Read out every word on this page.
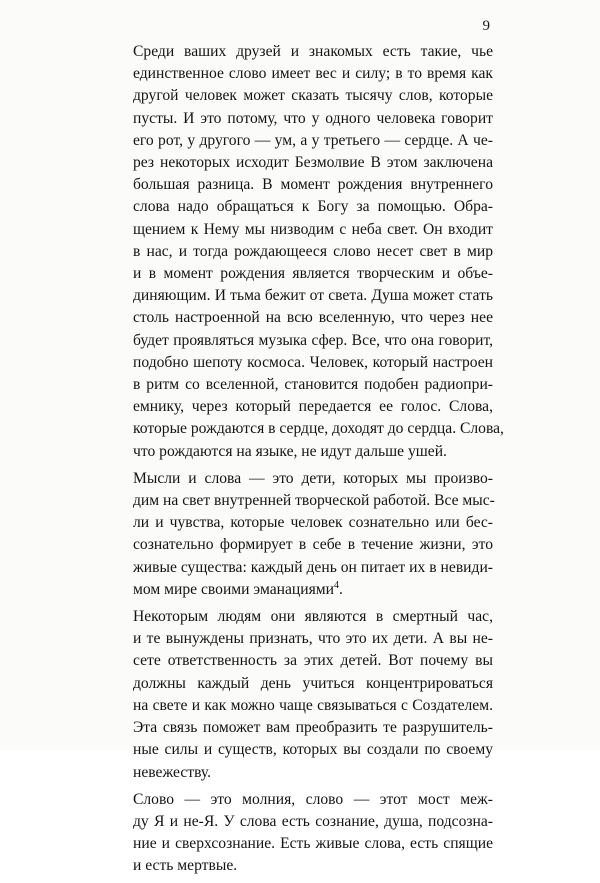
9

Среди ваших друзей и знакомых есть такие, чье
единственное слово имеет вес и силу; в то время как
другой человек может сказать тысячу слов, которые
пусты. И это потому, что у одного человека говорит
его рот, у другого — ум, а у третьего — сердце. А че-
рез некоторых исходит Безмолвие В этом заключена
большая разница. В момент рождения внутреннего
слова надо обращаться к Богу за помощью. Обра-
щением к Нему мы низводим с неба свет. Он входит
в нас, и тогда рождающееся слово несет свет в мир
и в момент рождения является творческим и объе-
диняющим. И тьма бежит от света. Душа может стать
столь настроенной на всю вселенную, что через нее
будет проявляться музыка сфер. Все, что она говорит,
подобно шепоту космоса. Человек, который настроен
в ритм со вселенной, становится подобен радиопри-
емнику, через который передается ее голос. Слова,
которые рождаются в сердце, доходят до сердца. Слова,
что рождаются на языке, не идут дальше ушей.

Мысли и слова — это дети, которых мы произво-
дим на свет внутренней творческой работой. Все мыс-
ли и чувства, которые человек сознательно или бес-
сознательно формирует в себе в течение жизни, это
живые существа: каждый день он питает их в невиди-
мом мире своими эманациями$^4$.

Некоторым людям они являются в смертный час,
и те вынуждены признать, что это их дети. А вы не-
сете ответственность за этих детей. Вот почему вы
должны каждый день учиться концентрироваться
на свете и как можно чаще связываться с Создателем.
Эта связь поможет вам преобразить те разрушитель-
ные силы и существ, которых вы создали по своему
невежеству.

Слово — это молния, слово — этот мост меж-
ду Я и не-Я. У слова есть сознание, душа, подсозна-
ние и сверхсознание. Есть живые слова, есть спящие
и есть мертвые.
